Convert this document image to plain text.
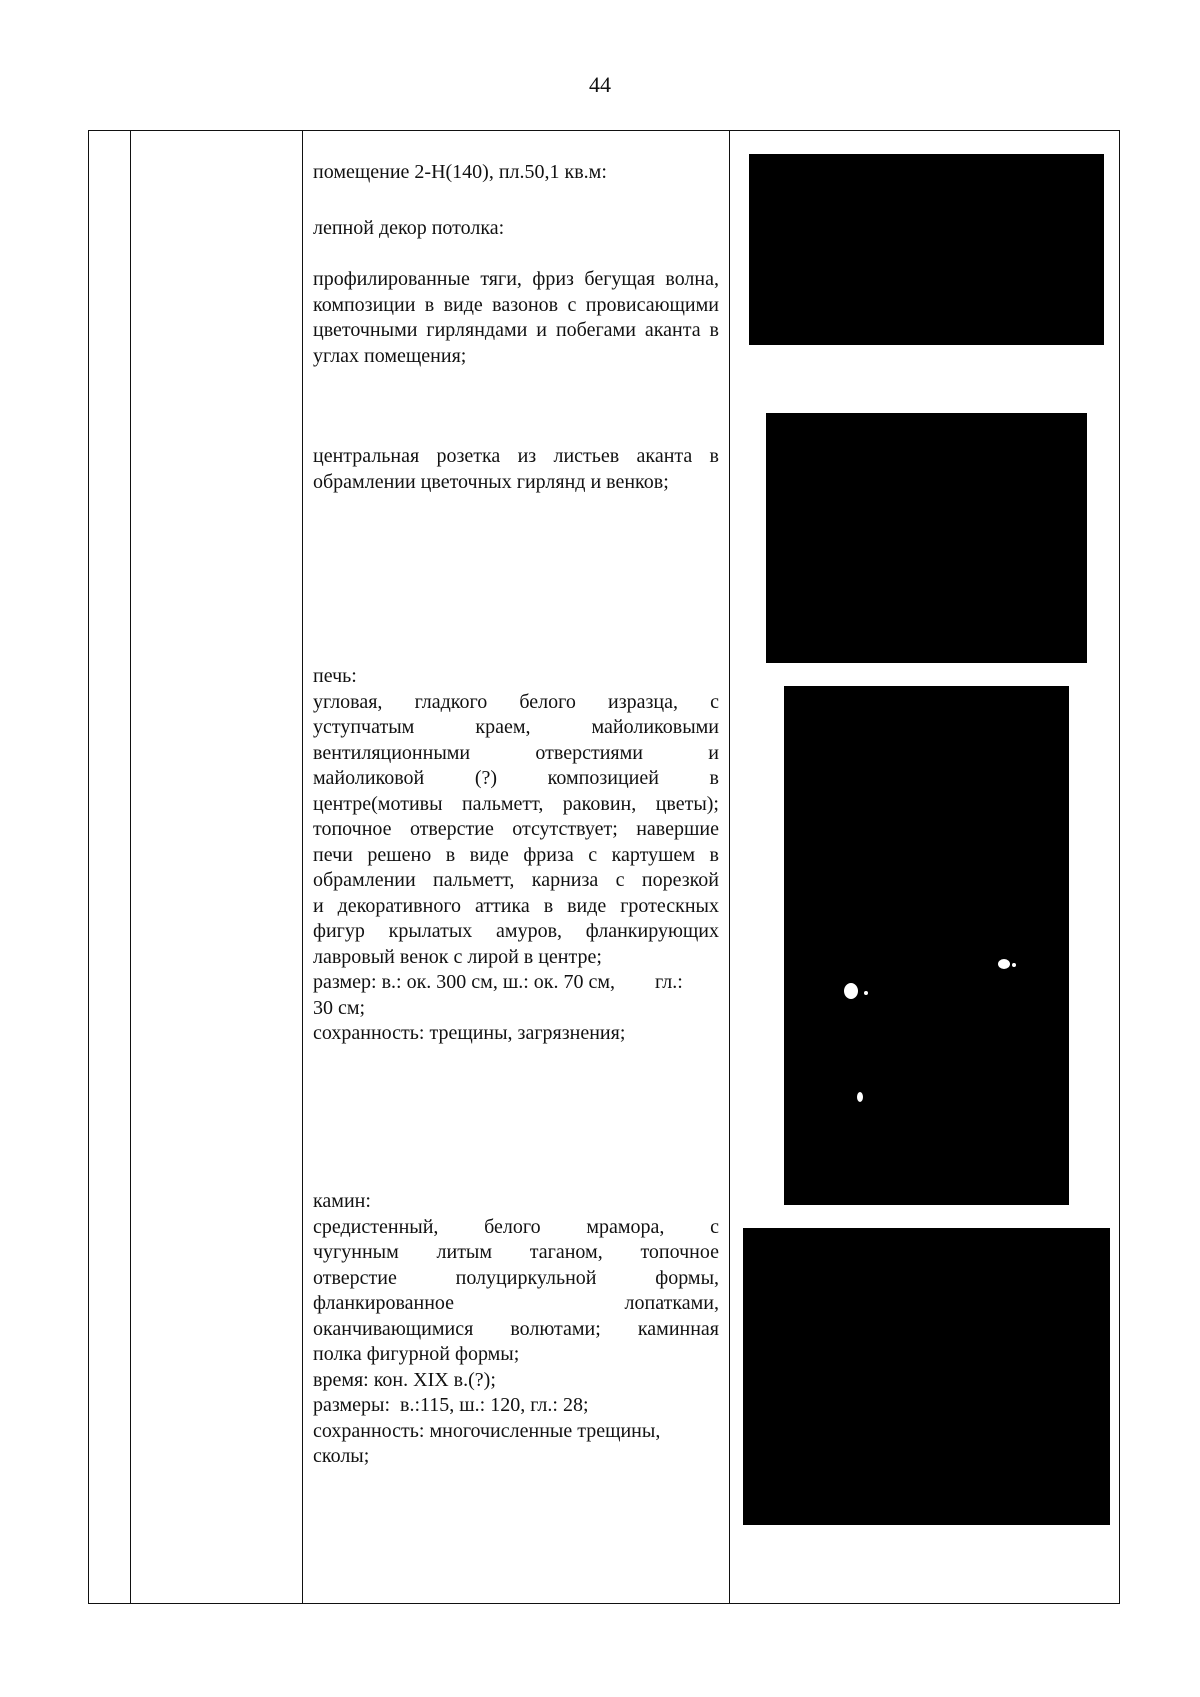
44
помещение 2-Н(140), пл.50,1 кв.м:
лепной декор потолка:

профилированные тяги, фриз бегущая волна, композиции в виде вазонов с провисающими цветочными гирляндами и побегами аканта в углах помещения;

центральная розетка из листьев аканта в обрамлении цветочных гирлянд и венков;

печь:

угловая, гладкого белого изразца, с

уступчатым краем, майоликовыми

вентиляционными отверстиями и

майоликовой (?) композицией в

центре(мотивы пальметт, раковин, цветы);

топочное отверстие отсутствует; навершие

печи решено в виде фриза с картушем в

обрамлении пальметт, карниза с порезкой

и декоративного аттика в виде гротескных

фигур крылатых амуров, фланкирующих

лавровый венок с лирой в центре;

размер: в.: ок. 300 см, ш.: ок. 70 см,        гл.:

30 см;

сохранность: трещины, загрязнения;

камин:

средистенный, белого мрамора, с

чугунным литым таганом, топочное

отверстие полуциркульной формы,

фланкированное лопатками,

оканчивающимися волютами; каминная

полка фигурной формы;

время: кон. XIX в.(?);

размеры:  в.:115, ш.: 120, гл.: 28;

сохранность: многочисленные трещины,

сколы;
